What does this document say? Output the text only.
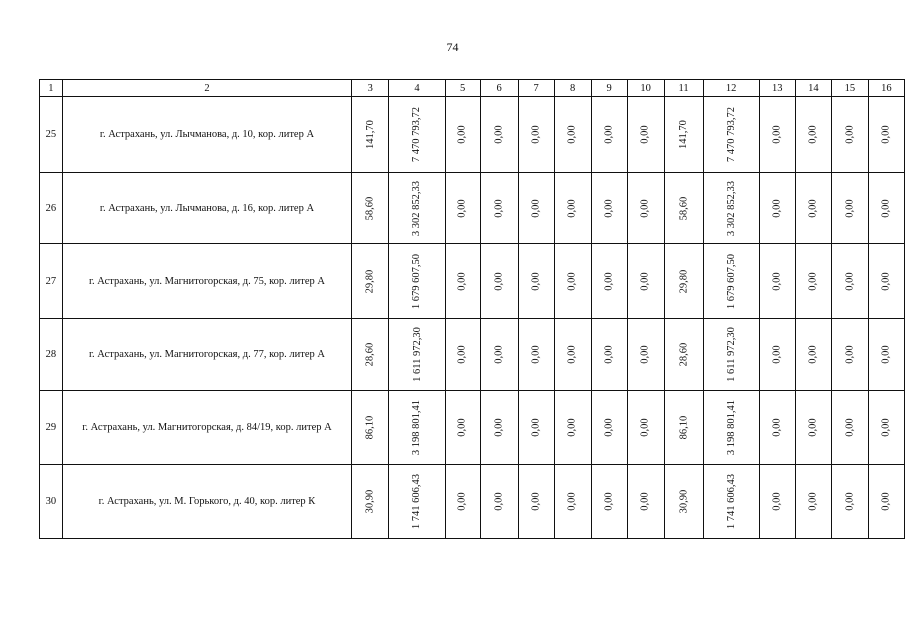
74
1	2	3	4	5	6	7	8	9	10	11	12	13	14	15	16
25	г. Астрахань, ул. Лычманова, д. 10, кор. литер А	141,70	7 470 793,72	0,00	0,00	0,00	0,00	0,00	0,00	141,70	7 470 793,72	0,00	0,00	0,00	0,00
26	г. Астрахань, ул. Лычманова, д. 16, кор. литер А	58,60	3 302 852,33	0,00	0,00	0,00	0,00	0,00	0,00	58,60	3 302 852,33	0,00	0,00	0,00	0,00
27	г. Астрахань, ул. Магнитогорская, д. 75, кор. литер А	29,80	1 679 607,50	0,00	0,00	0,00	0,00	0,00	0,00	29,80	1 679 607,50	0,00	0,00	0,00	0,00
28	г. Астрахань, ул. Магнитогорская, д. 77, кор. литер А	28,60	1 611 972,30	0,00	0,00	0,00	0,00	0,00	0,00	28,60	1 611 972,30	0,00	0,00	0,00	0,00
29	г. Астрахань, ул. Магнитогорская, д. 84/19, кор. литер А	86,10	3 198 801,41	0,00	0,00	0,00	0,00	0,00	0,00	86,10	3 198 801,41	0,00	0,00	0,00	0,00
30	г. Астрахань, ул. М. Горького, д. 40, кор. литер К	30,90	1 741 606,43	0,00	0,00	0,00	0,00	0,00	0,00	30,90	1 741 606,43	0,00	0,00	0,00	0,00
